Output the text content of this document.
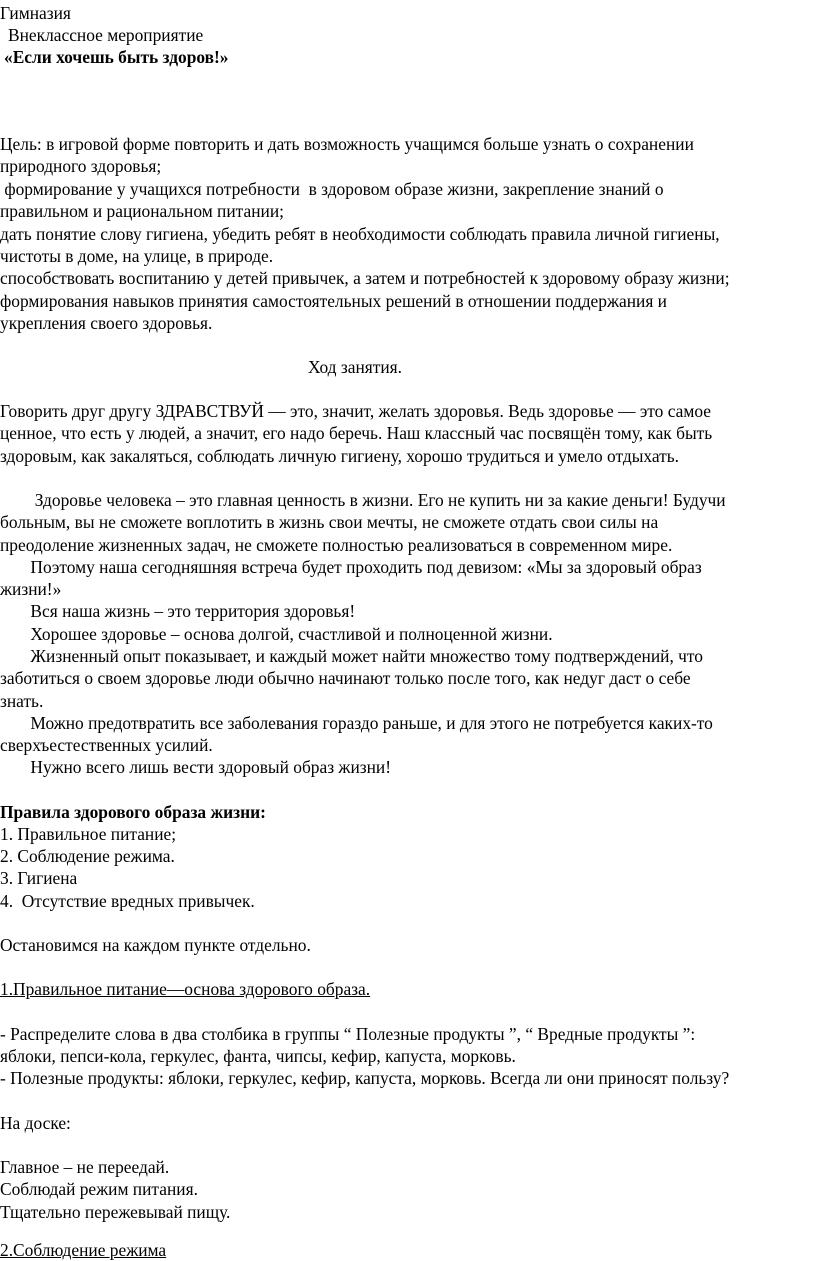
Гимназия
Внеклассное мероприятие
«Если хочешь быть здоров!»
Цель: в игровой форме повторить и дать возможность учащимся больше узнать о сохранении
природного здоровья;
формирование у учащихся потребности  в здоровом образе жизни, закрепление знаний о
правильном и рациональном питании;
дать понятие слову гигиена, убедить ребят в необходимости соблюдать правила личной гигиены,
чистоты в доме, на улице, в природе.
способствовать воспитанию у детей привычек, а затем и потребностей к здоровому образу жизни;
формирования навыков принятия самостоятельных решений в отношении поддержания и
укрепления своего здоровья.
Ход занятия.
Говорить друг другу ЗДРАВСТВУЙ — это, значит, желать здоровья. Ведь здоровье — это самое
ценное, что есть у людей, а значит, его надо беречь. Наш классный час посвящён тому, как быть
здоровым, как закаляться, соблюдать личную гигиену, хорошо трудиться и умело отдыхать.
Здоровье человека – это главная ценность в жизни. Его не купить ни за какие деньги! Будучи
больным, вы не сможете воплотить в жизнь свои мечты, не сможете отдать свои силы на
преодоление жизненных задач, не сможете полностью реализоваться в современном мире.
Поэтому наша сегодняшняя встреча будет проходить под девизом: «Мы за здоровый образ
жизни!»
Вся наша жизнь – это территория здоровья!
Хорошее здоровье – основа долгой, счастливой и полноценной жизни.
Жизненный опыт показывает, и каждый может найти множество тому подтверждений, что
заботиться о своем здоровье люди обычно начинают только после того, как недуг даст о себе
знать.
Можно предотвратить все заболевания гораздо раньше, и для этого не потребуется каких-то
сверхъестественных усилий.
Нужно всего лишь вести здоровый образ жизни!
Правила здорового образа жизни:
1. Правильное питание;
2. Соблюдение режима.
3. Гигиена
4.  Отсутствие вредных привычек.
Остановимся на каждом пункте отдельно.
1.Правильное питание—основа здорового образа.
- Распределите слова в два столбика в группы “ Полезные продукты ”, “ Вредные продукты ”:
яблоки, пепси-кола, геркулес, фанта, чипсы, кефир, капуста, морковь.
- Полезные продукты: яблоки, геркулес, кефир, капуста, морковь. Всегда ли они приносят пользу?
На доске:
Главное – не переедай.
Соблюдай режим питания.
Тщательно пережевывай пищу.
2.Соблюдение режима
